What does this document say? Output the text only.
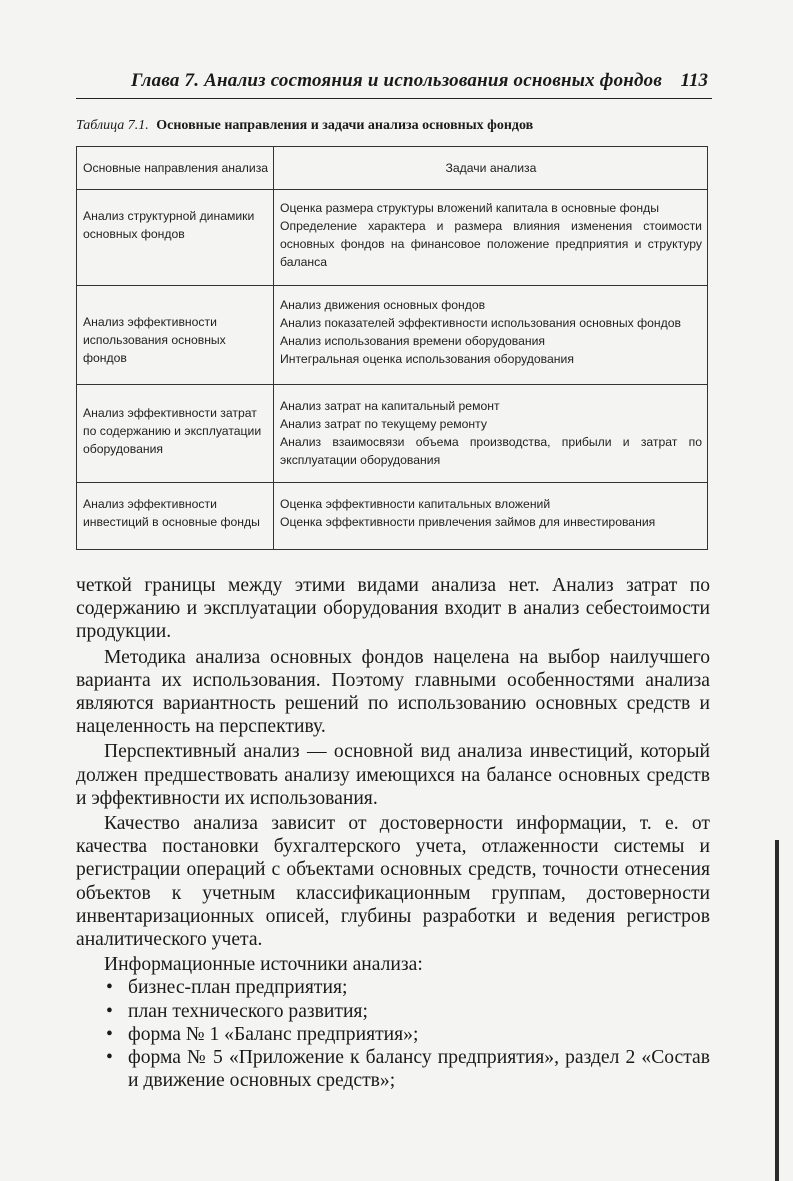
Глава 7. Анализ состояния и использования основных фондов 113
Таблица 7.1. Основные направления и задачи анализа основных фондов
Основные направления анализа	Задачи анализа
Анализ структурной динамики основных фондов
Оценка размера структуры вложений капитала в основные фонды
Определение характера и размера влияния изменения стоимости основных фондов на финансовое положение предприятия и структуру баланса
Анализ эффективности использования основных фондов
Анализ движения основных фондов
Анализ показателей эффективности использования основных фондов
Анализ использования времени оборудования
Интегральная оценка использования оборудования
Анализ эффективности затрат по содержанию и эксплуатации оборудования
Анализ затрат на капитальный ремонт
Анализ затрат по текущему ремонту
Анализ взаимосвязи объема производства, прибыли и затрат по эксплуатации оборудования
Анализ эффективности инвестиций в основные фонды
Оценка эффективности капитальных вложений
Оценка эффективности привлечения займов для инвестирования

четкой границы между этими видами анализа нет. Анализ затрат по содержанию и эксплуатации оборудования входит в анализ себестоимости продукции.

Методика анализа основных фондов нацелена на выбор наилучшего варианта их использования. Поэтому главными особенностями анализа являются вариантность решений по использованию основных средств и нацеленность на перспективу.

Перспективный анализ — основной вид анализа инвестиций, который должен предшествовать анализу имеющихся на балансе основных средств и эффективности их использования.

Качество анализа зависит от достоверности информации, т. е. от качества постановки бухгалтерского учета, отлаженности системы и регистрации операций с объектами основных средств, точности отнесения объектов к учетным классификационным группам, достоверности инвентаризационных описей, глубины разработки и ведения регистров аналитического учета.

Информационные источники анализа:

• бизнес-план предприятия;
• план технического развития;
• форма № 1 «Баланс предприятия»;
• форма № 5 «Приложение к балансу предприятия», раздел 2 «Состав и движение основных средств»;
